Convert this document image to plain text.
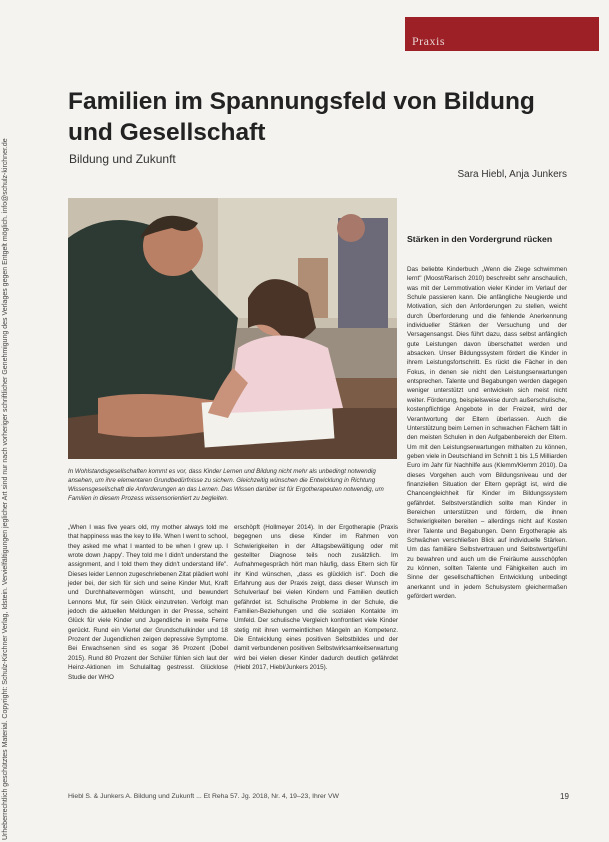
Praxis
Urheberrechtlich geschütztes Material. Copyright: Schulz-Kirchner Verlag, Idstein. Vervielfältigungen jeglicher Art sind nur nach vorheriger schriftlicher Genehmigung des Verlages gegen Entgelt möglich. info@schulz-kirchner.de
Familien im Spannungsfeld von Bildung und Gesellschaft
Bildung und Zukunft
Sara Hiebl, Anja Junkers
In Wohlstandsgesellschaften kommt es vor, dass Kinder Lernen und Bildung nicht mehr als unbedingt notwendig ansehen, um ihre elementaren Grundbedürfnisse zu sichern. Gleichzeitig wünschen die Entwicklung in Richtung Wissensgesellschaft die Anforderungen an das Lernen. Das Wissen darüber ist für Ergotherapeuten notwendig, um Familien in diesem Prozess wissensorientiert zu begleiten.

„When I was five years old, my mother always told me that happiness was the key to life. When I went to school, they asked me what I wanted to be when I grew up. I wrote down ‚happy'. They told me I didn't understand the assignment, and I told them they didn't understand life". Dieses leider Lennon zugeschriebenen Zitat plädiert wohl jeder bei, der sich für sich und seine Kinder Mut, Kraft und Durchhaltevermögen wünscht, und bewundert Lennons Mut, für sein Glück einzutreten. Verfolgt man jedoch die aktuellen Meldungen in der Presse, scheint Glück für viele Kinder und Jugendliche in weite Ferne gerückt. Rund ein Viertel der Grundschulkinder und 18 Prozent der Jugendlichen zeigen depressive Symptome. Bei Erwachsenen sind es sogar 36 Prozent (Dobel 2015). Rund 80 Prozent der Schüler fühlen sich laut der Heinz-Aktionen im Schulalltag gestresst. Glücklose Studie der WHO

erschöpft (Hollmeyer 2014). In der Ergotherapie (Praxis begegnen uns diese Kinder im Rahmen von Schwierigkeiten in der Alltagsbewältigung oder mit gestellter Diagnose teils noch zusätzlich. Im Aufnahmegespräch hört man häufig, dass Eltern sich für ihr Kind wünschen, „dass es glücklich ist". Doch die Erfahrung aus der Praxis zeigt, dass dieser Wunsch im Schulverlauf bei vielen Kindern und Familien deutlich gefährdet ist. Schulische Probleme in der Schule, die Familien-Beziehungen und die sozialen Kontakte im Umfeld. Der schulische Vergleich konfrontiert viele Kinder stetig mit ihren vermeintlichen Mängeln an Kompetenz. Die Entwicklung eines positiven Selbstbildes und der damit verbundenen positiven Selbstwirksamkeitserwartung wird bei vielen dieser Kinder dadurch deutlich gefährdet (Hiebl 2017, Hiebl/Junkers 2015).

Stärken in den Vordergrund rücken

Das beliebte Kinderbuch „Wenn die Ziege schwimmen lernt" (Moost/Rarisch 2010) beschreibt sehr anschaulich, was mit der Lernmotivation vieler Kinder im Verlauf der Schule passieren kann. Die anfängliche Neugierde und Motivation, sich den Anforderungen zu stellen, weicht durch Überforderung und die fehlende Anerkennung individueller Stärken der Versuchung und der Versagensangst. Dies führt dazu, dass selbst anfänglich gute Leistungen davon überschattet werden und absacken. Unser Bildungssystem fördert die Kinder in ihrem Leistungsfortschritt. Es rückt die Fächer in den Fokus, in denen sie nicht den Leistungserwartungen entsprechen. Talente und Begabungen werden dagegen weniger unterstützt und entwickeln sich meist nicht weiter. Förderung, beispielsweise durch außerschulische, kostenpflichtige Angebote in der Freizeit, wird der Verantwortung der Eltern überlassen. Auch die Unterstützung beim Lernen in schwachen Fächern fällt in den meisten Schulen in den Aufgabenbereich der Eltern. Um mit den Leistungserwartungen mithalten zu können, geben viele in Deutschland im Schnitt 1 bis 1,5 Milliarden Euro im Jahr für Nachhilfe aus (Klemm/Klemm 2010). Da dieses Vorgehen auch vom Bildungsniveau und der finanziellen Situation der Eltern geprägt ist, wird die Chancengleichheit für Kinder im Bildungssystem gefährdet. Selbstverständlich sollte man Kinder in Bereichen unterstützen und fördern, die ihnen Schwierigkeiten bereiten – allerdings nicht auf Kosten ihrer Talente und Begabungen. Denn Ergotherapie als Schwächen verschließen Blick auf individuelle Stärken. Um das familiäre Selbstvertrauen und Selbstwertgefühl zu bewahren und auch um die Freiräume ausschöpfen zu können, sollten Talente und Fähigkeiten auch im Sinne der gesellschaftlichen Entwicklung unbedingt anerkannt und in jedem Schulsystem gleichermaßen gefördert werden.

Hiebl S. & Junkers A. Bildung und Zukunft ... Et Reha 57. Jg. 2018, Nr. 4, 19–23, Ihrer VW	19
